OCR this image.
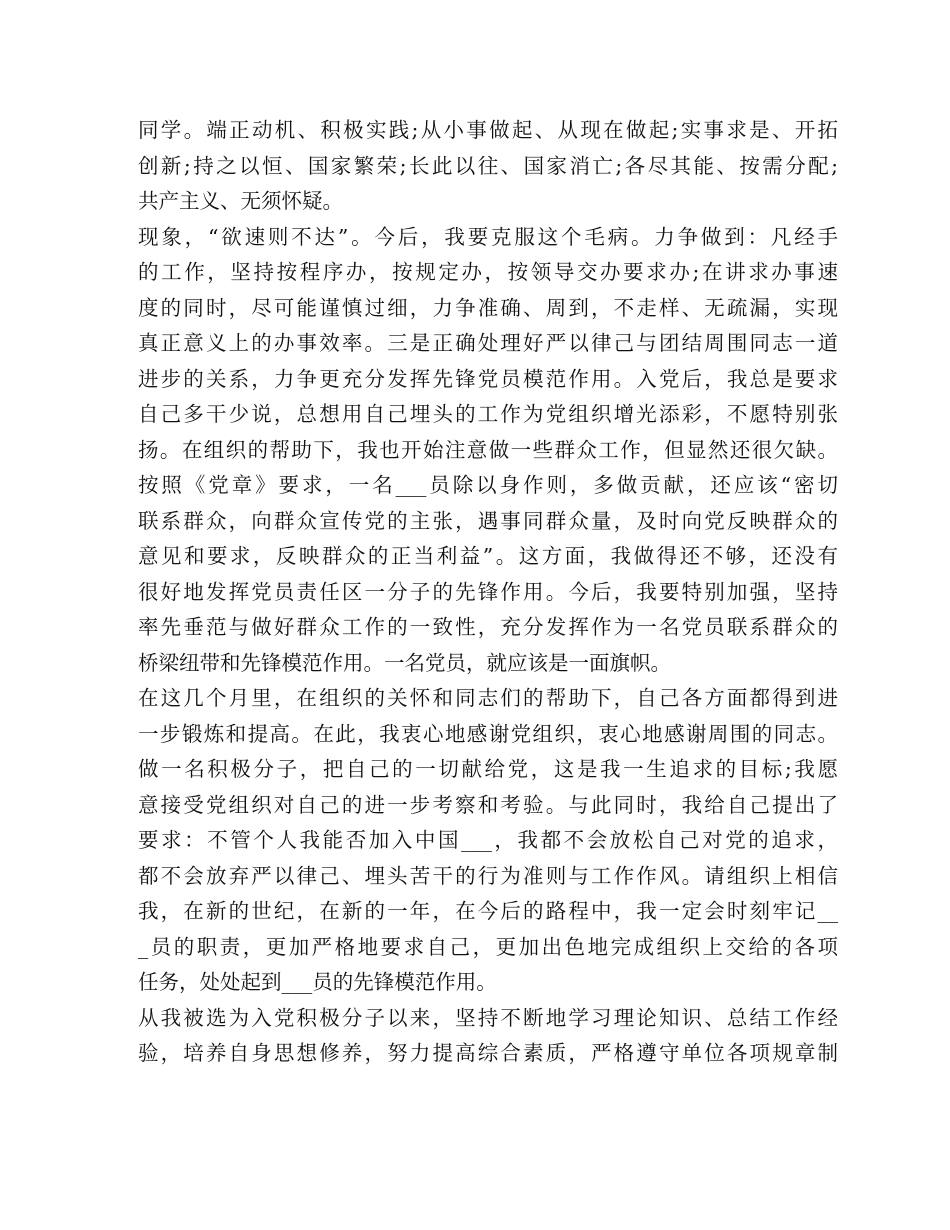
同学。端正动机、积极实践;从小事做起、从现在做起;实事求是、开拓
创新;持之以恒、国家繁荣;长此以往、国家消亡;各尽其能、按需分配;
共产主义、无须怀疑。
现象，“欲速则不达”。今后，我要克服这个毛病。力争做到：凡经手
的工作，坚持按程序办，按规定办，按领导交办要求办;在讲求办事速
度的同时，尽可能谨慎过细，力争准确、周到，不走样、无疏漏，实现
真正意义上的办事效率。三是正确处理好严以律己与团结周围同志一道
进步的关系，力争更充分发挥先锋党员模范作用。入党后，我总是要求
自己多干少说，总想用自己埋头的工作为党组织增光添彩，不愿特别张
扬。在组织的帮助下，我也开始注意做一些群众工作，但显然还很欠缺。
按照《党章》要求，一名___员除以身作则，多做贡献，还应该“密切
联系群众，向群众宣传党的主张，遇事同群众量，及时向党反映群众的
意见和要求，反映群众的正当利益”。这方面，我做得还不够，还没有
很好地发挥党员责任区一分子的先锋作用。今后，我要特别加强，坚持
率先垂范与做好群众工作的一致性，充分发挥作为一名党员联系群众的
桥梁纽带和先锋模范作用。一名党员，就应该是一面旗帜。
在这几个月里，在组织的关怀和同志们的帮助下，自己各方面都得到进
一步锻炼和提高。在此，我衷心地感谢党组织，衷心地感谢周围的同志。
做一名积极分子，把自己的一切献给党，这是我一生追求的目标;我愿
意接受党组织对自己的进一步考察和考验。与此同时，我给自己提出了
要求：不管个人我能否加入中国___，我都不会放松自己对党的追求，
都不会放弃严以律己、埋头苦干的行为准则与工作作风。请组织上相信
我，在新的世纪，在新的一年，在今后的路程中，我一定会时刻牢记__
_员的职责，更加严格地要求自己，更加出色地完成组织上交给的各项
任务，处处起到___员的先锋模范作用。
从我被选为入党积极分子以来，坚持不断地学习理论知识、总结工作经
验，培养自身思想修养，努力提高综合素质，严格遵守单位各项规章制
